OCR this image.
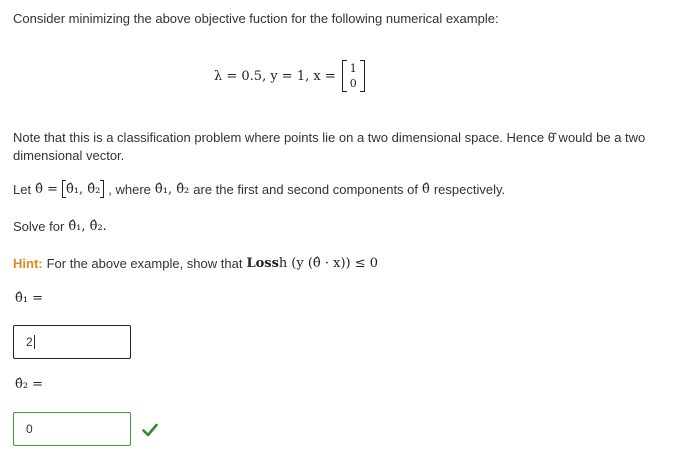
Consider minimizing the above objective fuction for the following numerical example:
λ = 0.5, y = 1, x = 1
0
Note that this is a classification problem where points lie on a two dimensional space. Hence θ̂ would be a two dimensional vector.
Let θ̂ = θ̂₁, θ̂₂ , where θ̂₁, θ̂₂ are the first and second components of θ̂ respectively.
Solve for θ̂₁, θ̂₂.
Hint: For the above example, show that Loss h (y (θ̂ · x)) ≤ 0
θ̂₁ =
2
θ̂₂ =
0
